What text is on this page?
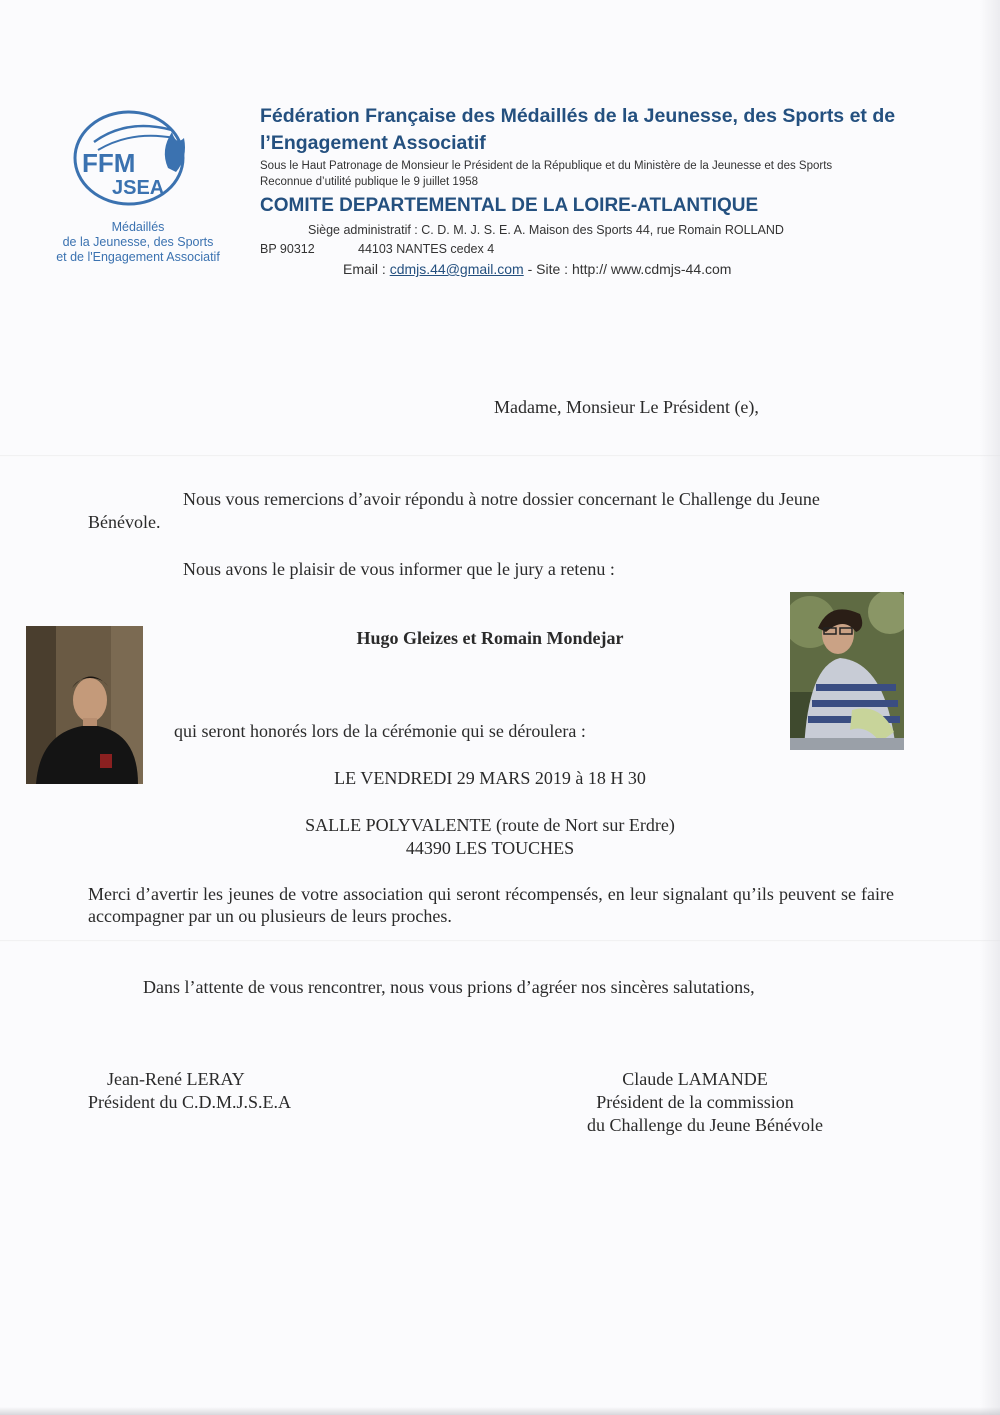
FFM
JSEA
Médaillés
de la Jeunesse, des Sports
et de l'Engagement Associatif
Fédération Française des Médaillés de la Jeunesse, des Sports et de l’Engagement Associatif
Sous le Haut Patronage de Monsieur le Président de la République et du Ministère de la Jeunesse et des Sports
Reconnue d’utilité publique le 9 juillet 1958
COMITE DEPARTEMENTAL DE LA LOIRE-ATLANTIQUE
Siège administratif : C. D. M. J. S. E. A. Maison des Sports 44, rue Romain ROLLAND
BP 90312	44103 NANTES cedex 4
Email : cdmjs.44@gmail.com - Site : http:// www.cdmjs-44.com
Madame, Monsieur Le Président (e),
Nous vous remercions d’avoir répondu à notre dossier concernant le Challenge du Jeune
Bénévole.
Nous avons le plaisir de vous informer que le jury a retenu :
Hugo Gleizes et Romain Mondejar
qui seront honorés lors de la cérémonie qui se déroulera :
LE VENDREDI 29 MARS 2019 à 18 H 30
SALLE POLYVALENTE (route de Nort sur Erdre)
44390 LES TOUCHES
Merci d’avertir les jeunes de votre association qui seront récompensés, en leur signalant qu’ils peuvent se faire accompagner par un ou plusieurs de leurs proches.
Dans l’attente de vous rencontrer, nous vous prions d’agréer nos sincères salutations,
Jean-René LERAY
Président du C.D.M.J.S.E.A
Claude LAMANDE
Président de la commission
du Challenge du Jeune Bénévole
